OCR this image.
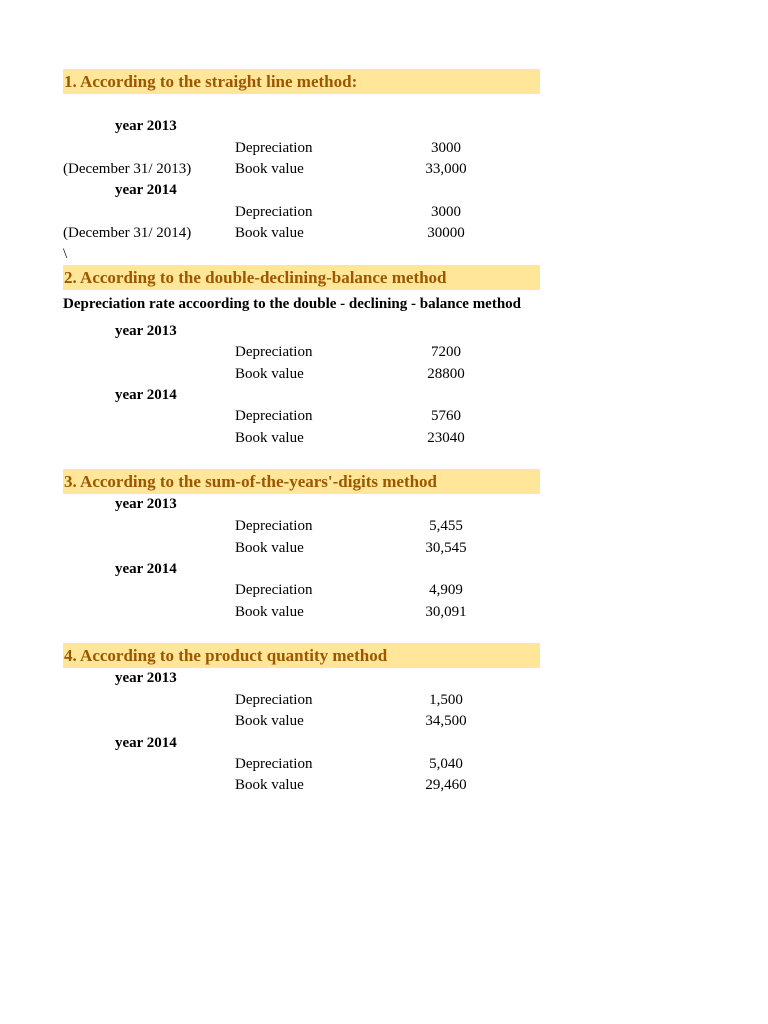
1. According to the straight line method:
year 2013
Depreciation	3000
(December 31/ 2013)	Book value	33,000
year 2014
Depreciation	3000
(December 31/ 2014)	Book value	30000
\
2. According to the double-declining-balance method
Depreciation rate accoording to the double - declining - balance method
year 2013
Depreciation	7200
Book value	28800
year 2014
Depreciation	5760
Book value	23040
3. According to the sum-of-the-years'-digits method
year 2013
Depreciation	5,455
Book value	30,545
year 2014
Depreciation	4,909
Book value	30,091
4. According to the product quantity method
year 2013
Depreciation	1,500
Book value	34,500
year 2014
Depreciation	5,040
Book value	29,460
